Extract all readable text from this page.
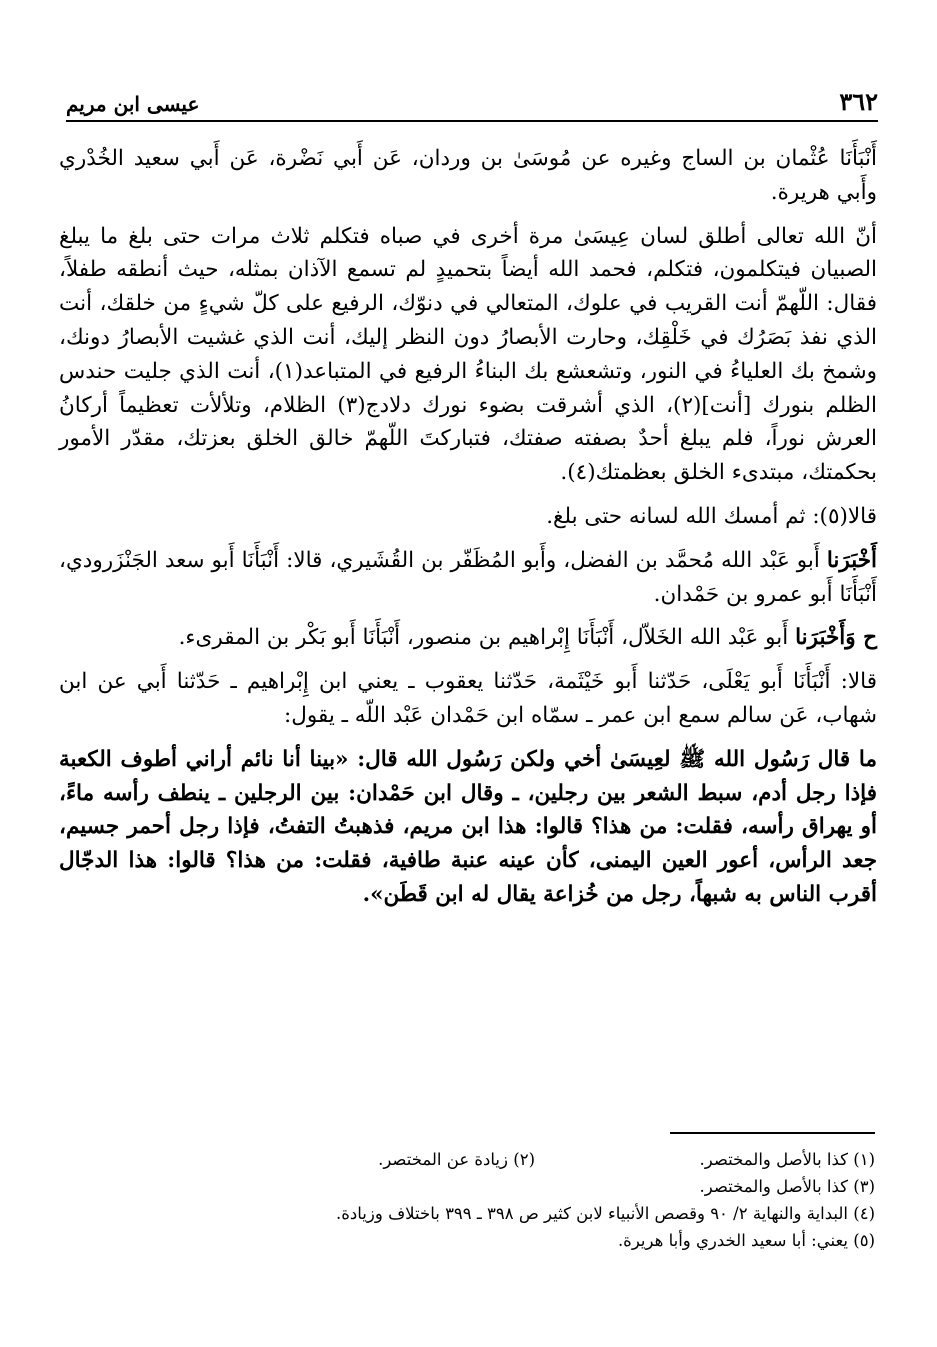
٣٦٢
عيسى ابن مريم

أَنْبَأَنَا عُثْمان بن الساج وغيره عن مُوسَىٰ بن وردان، عَن أَبي نَضْرة، عَن أَبي سعيد الخُدْري وأَبي هريرة.

أنّ الله تعالى أطلق لسان عِيسَىٰ مرة أخرى في صباه فتكلم ثلاث مرات حتى بلغ ما يبلغ الصبيان فيتكلمون، فتكلم، فحمد الله أيضاً بتحميدٍ لم تسمع الآذان بمثله، حيث أنطقه طفلاً، فقال: اللّهمّ أنت القريب في علوك، المتعالي في دنوّك، الرفيع على كلّ شيءٍ من خلقك، أنت الذي نفذ بَصَرُك في خَلْقِك، وحارت الأبصارُ دون النظر إليك، أنت الذي غشيت الأبصارُ دونك، وشمخ بك العلياءُ في النور، وتشعشع بك البناءُ الرفيع في المتباعد(١)، أنت الذي جليت حندس الظلم بنورك [أنت](٢)، الذي أشرقت بضوء نورك دلادج(٣) الظلام، وتلألأت تعظيماً أركانُ العرش نوراً، فلم يبلغ أحدٌ بصفته صفتك، فتباركتَ اللّهمّ خالق الخلق بعزتك، مقدّر الأمور بحكمتك، مبتدىء الخلق بعظمتك(٤).

قالا(٥): ثم أمسك الله لسانه حتى بلغ.

أَخْبَرَنا أَبو عَبْد الله مُحمَّد بن الفضل، وأَبو المُظَفّر بن القُشَيري، قالا: أَنْبَأَنَا أَبو سعد الجَنْزَرودي، أَنْبَأَنَا أَبو عمرو بن حَمْدان.

ح وَأَخْبَرَنا أَبو عَبْد الله الخَلاّل، أَنْبَأَنَا إِبْراهيم بن منصور، أَنْبَأَنَا أَبو بَكْر بن المقرىء.

قالا: أَنْبَأَنَا أَبو يَعْلَى، حَدّثنا أَبو خَيْثَمة، حَدّثنا يعقوب ـ يعني ابن إِبْراهيم ـ حَدّثنا أَبي عن ابن شهاب، عَن سالم سمع ابن عمر ـ سمّاه ابن حَمْدان عَبْد اللّه ـ يقول:

ما قال رَسُول الله ﷺ لعِيسَىٰ أخي ولكن رَسُول الله قال: «بينا أنا نائم أراني أطوف الكعبة فإذا رجل أدم، سبط الشعر بين رجلين، ـ وقال ابن حَمْدان: بين الرجلين ـ ينطف رأسه ماءً، أو يهراق رأسه، فقلت: من هذا؟ قالوا: هذا ابن مريم، فذهبتُ التفتُ، فإذا رجل أحمر جسيم، جعد الرأس، أعور العين اليمنى، كأن عينه عنبة طافية، فقلت: من هذا؟ قالوا: هذا الدجّال أقرب الناس به شبهاً، رجل من خُزاعة يقال له ابن قَطَن».

(١) كذا بالأصل والمختصر.
(٢) زيادة عن المختصر.
(٣) كذا بالأصل والمختصر.
(٤) البداية والنهاية ٢/ ٩٠ وقصص الأنبياء لابن كثير ص ٣٩٨ ـ ٣٩٩ باختلاف وزيادة.
(٥) يعني: أبا سعيد الخدري وأبا هريرة.
